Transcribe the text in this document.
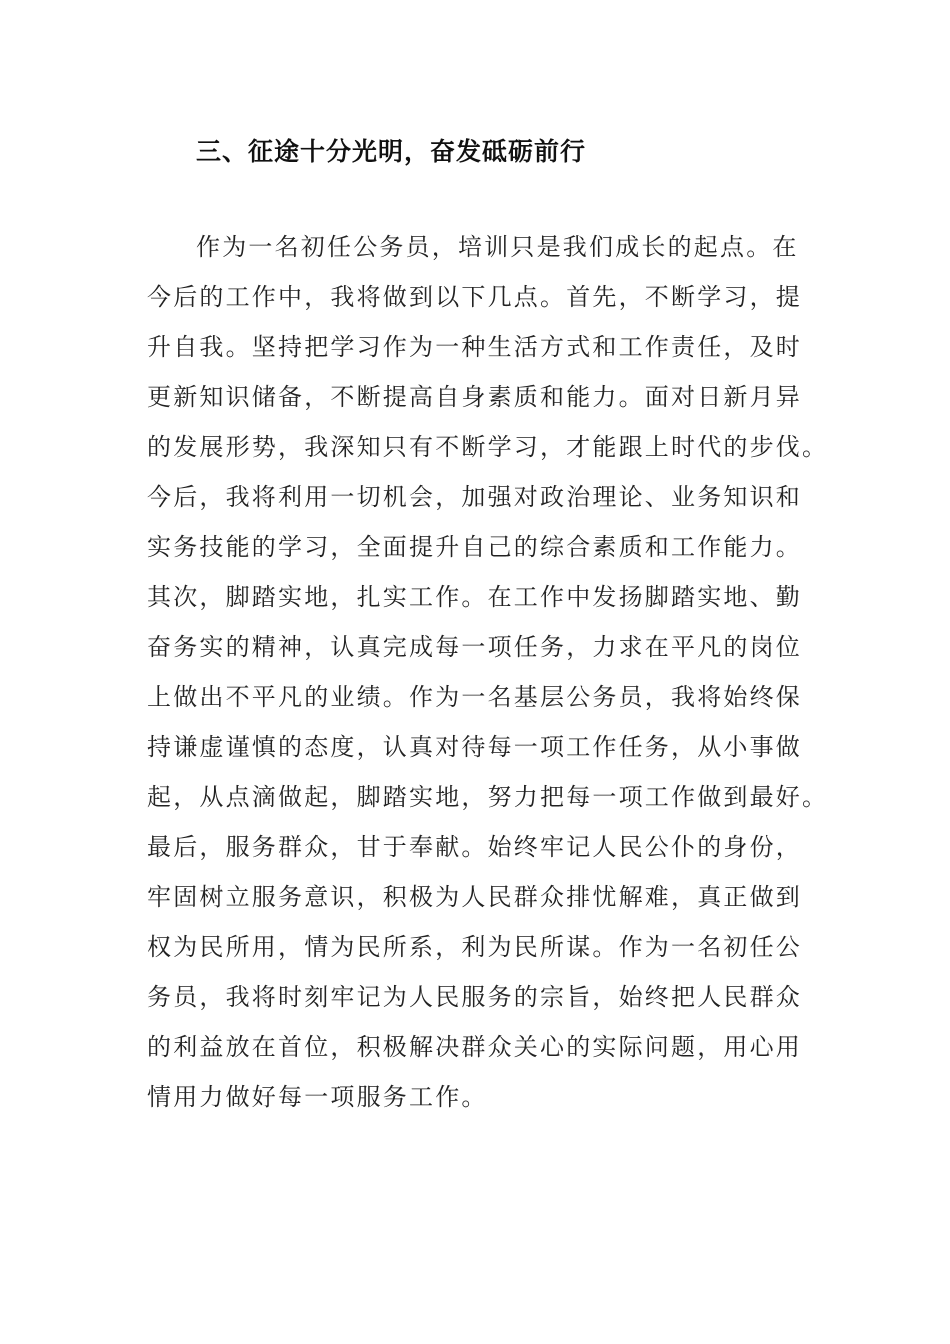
三、征途十分光明，奋发砥砺前行
作为一名初任公务员，培训只是我们成长的起点。在
今后的工作中，我将做到以下几点。首先，不断学习，提
升自我。坚持把学习作为一种生活方式和工作责任，及时
更新知识储备，不断提高自身素质和能力。面对日新月异
的发展形势，我深知只有不断学习，才能跟上时代的步伐。
今后，我将利用一切机会，加强对政治理论、业务知识和
实务技能的学习，全面提升自己的综合素质和工作能力。
其次，脚踏实地，扎实工作。在工作中发扬脚踏实地、勤
奋务实的精神，认真完成每一项任务，力求在平凡的岗位
上做出不平凡的业绩。作为一名基层公务员，我将始终保
持谦虚谨慎的态度，认真对待每一项工作任务，从小事做
起，从点滴做起，脚踏实地，努力把每一项工作做到最好。
最后，服务群众，甘于奉献。始终牢记人民公仆的身份，
牢固树立服务意识，积极为人民群众排忧解难，真正做到
权为民所用，情为民所系，利为民所谋。作为一名初任公
务员，我将时刻牢记为人民服务的宗旨，始终把人民群众
的利益放在首位，积极解决群众关心的实际问题，用心用
情用力做好每一项服务工作。
